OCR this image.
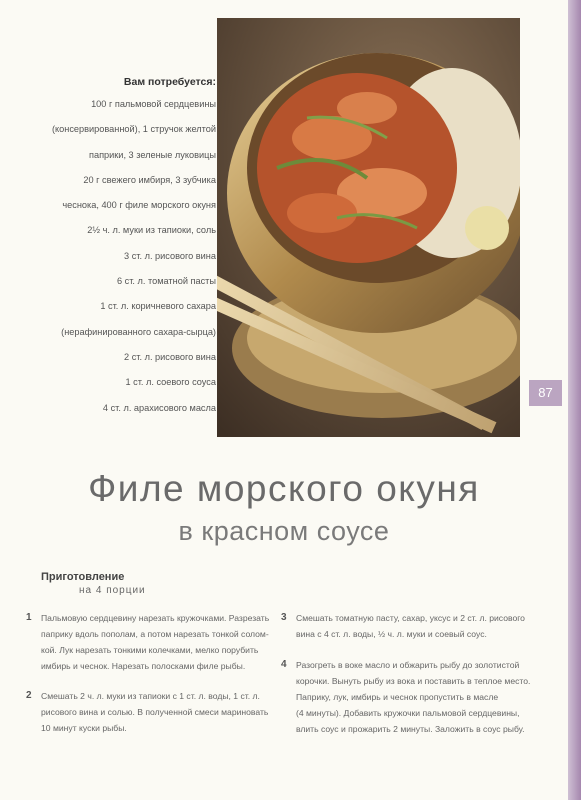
Вам потребуется:
100 г пальмовой сердцевины
(консервированной), 1 стручок желтой
паприки, 3 зеленые луковицы
20 г свежего имбиря, 3 зубчика
чеснока, 400 г филе морского окуня
2½ ч. л. муки из тапиоки, соль
3 ст. л. рисового вина
6 ст. л. томатной пасты
1 ст. л. коричневого сахара
(нерафинированного сахара-сырца)
2 ст. л. рисового вина
1 ст. л. соевого соуса
4 ст. л. арахисового масла
87
Филе морского окуня
в красном соусе
Приготовление
на 4 порции
1 Пальмовую сердцевину нарезать кружочками. Разрезать
паприку вдоль пополам, а потом нарезать тонкой солом-
кой. Лук нарезать тонкими колечками, мелко порубить
имбирь и чеснок. Нарезать полосками филе рыбы.
2 Смешать 2 ч. л. муки из тапиоки с 1 ст. л. воды, 1 ст. л.
рисового вина и солью. В полученной смеси мариновать
10 минут куски рыбы.
3 Смешать томатную пасту, сахар, уксус и 2 ст. л. рисового
вина с 4 ст. л. воды, ½ ч. л. муки и соевый соус.
4 Разогреть в воке масло и обжарить рыбу до золотистой
корочки. Вынуть рыбу из вока и поставить в теплое место.
Паприку, лук, имбирь и чеснок пропустить в масле
(4 минуты). Добавить кружочки пальмовой сердцевины,
влить соус и прожарить 2 минуты. Заложить в соус рыбу.
